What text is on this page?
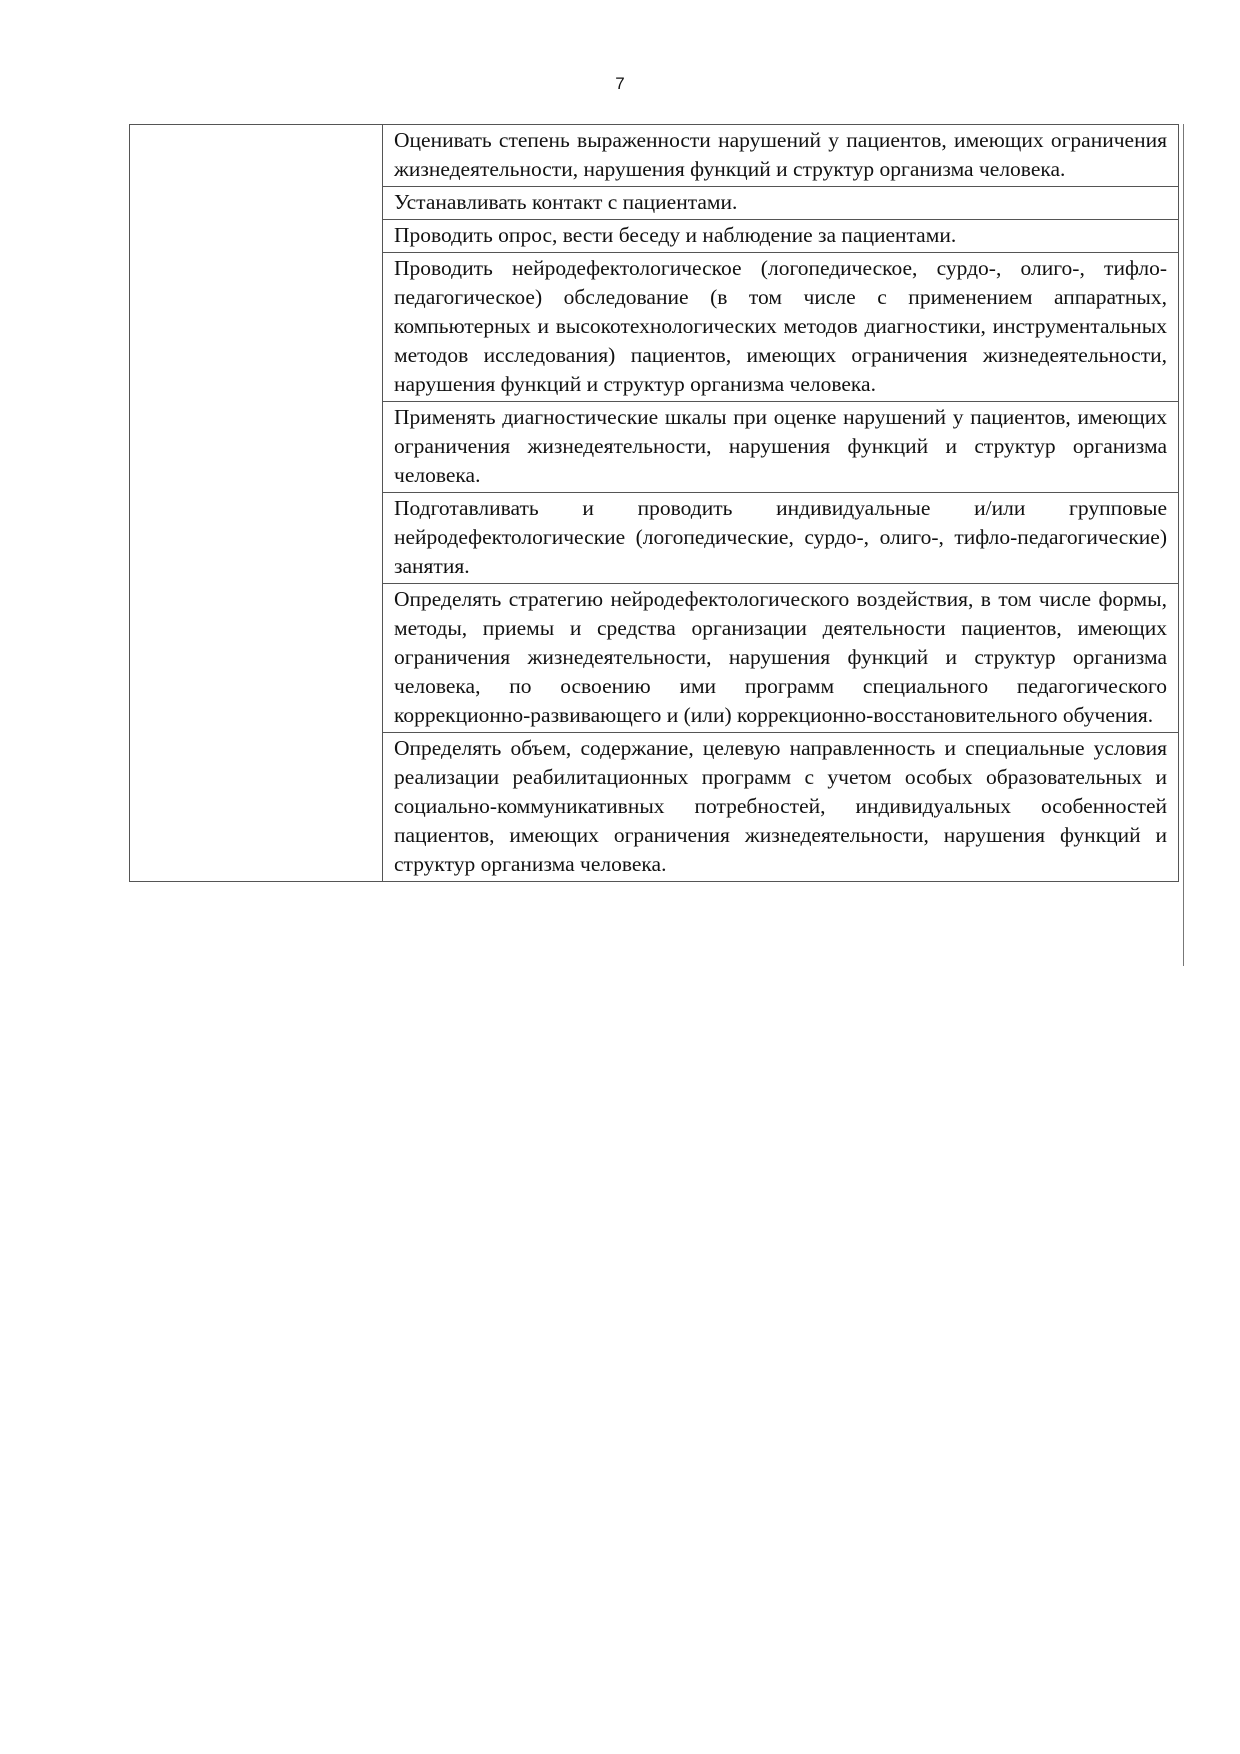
7

Оценивать степень выраженности нарушений у пациентов, имеющих ограничения жизнедеятельности, нарушения функций и структур организма человека.

Устанавливать контакт с пациентами.

Проводить опрос, вести беседу и наблюдение за пациентами.

Проводить нейродефектологическое (логопедическое, сурдо-, олиго-, тифло- педагогическое) обследование (в том числе с применением аппаратных, компьютерных и высокотехнологических методов диагностики, инструментальных методов исследования) пациентов, имеющих ограничения жизнедеятельности, нарушения функций и структур организма человека.

Применять диагностические шкалы при оценке нарушений у пациентов, имеющих ограничения жизнедеятельности, нарушения функций и структур организма человека.

Подготавливать и проводить индивидуальные и/или групповые нейродефектологические (логопедические, сурдо-, олиго-, тифло-педагогические) занятия.

Определять стратегию нейродефектологического воздействия, в том числе формы, методы, приемы и средства организации деятельности пациентов, имеющих ограничения жизнедеятельности, нарушения функций и структур организма человека, по освоению ими программ специального педагогического коррекционно-развивающего и (или) коррекционно-восстановительного обучения.

Определять объем, содержание, целевую направленность и специальные условия реализации реабилитационных программ с учетом особых образовательных и социально-коммуникативных потребностей, индивидуальных особенностей пациентов, имеющих ограничения жизнедеятельности, нарушения функций и структур организма человека.
